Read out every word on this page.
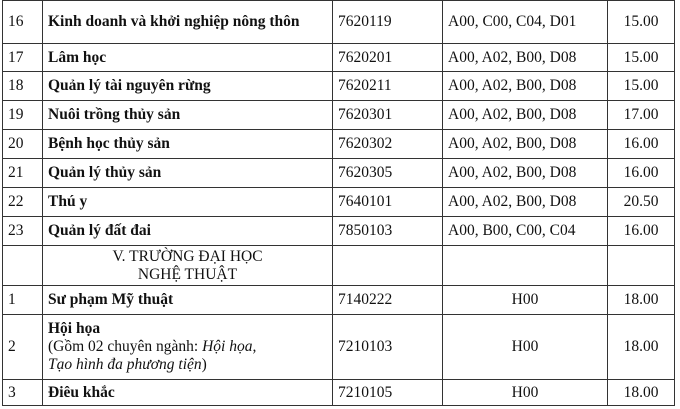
16	Kinh doanh và khởi nghiệp nông thôn	7620119	A00, C00, C04, D01	15.00
17	Lâm học	7620201	A00, A02, B00, D08	15.00
18	Quản lý tài nguyên rừng	7620211	A00, A02, B00, D08	15.00
19	Nuôi trồng thủy sản	7620301	A00, A02, B00, D08	17.00
20	Bệnh học thủy sản	7620302	A00, A02, B00, D08	16.00
21	Quản lý thủy sản	7620305	A00, A02, B00, D08	16.00
22	Thú y	7640101	A00, A02, B00, D08	20.50
23	Quản lý đất đai	7850103	A00, B00, C00, C04	16.00

	V. TRƯỜNG ĐẠI HỌC
NGHỆ THUẬT			

1	Sư phạm Mỹ thuật	7140222	H00	18.00
2	Hội họa
(Gồm 02 chuyên ngành: Hội họa,
Tạo hình đa phương tiện)	7210103	H00	18.00
3	Điêu khắc	7210105	H00	18.00
